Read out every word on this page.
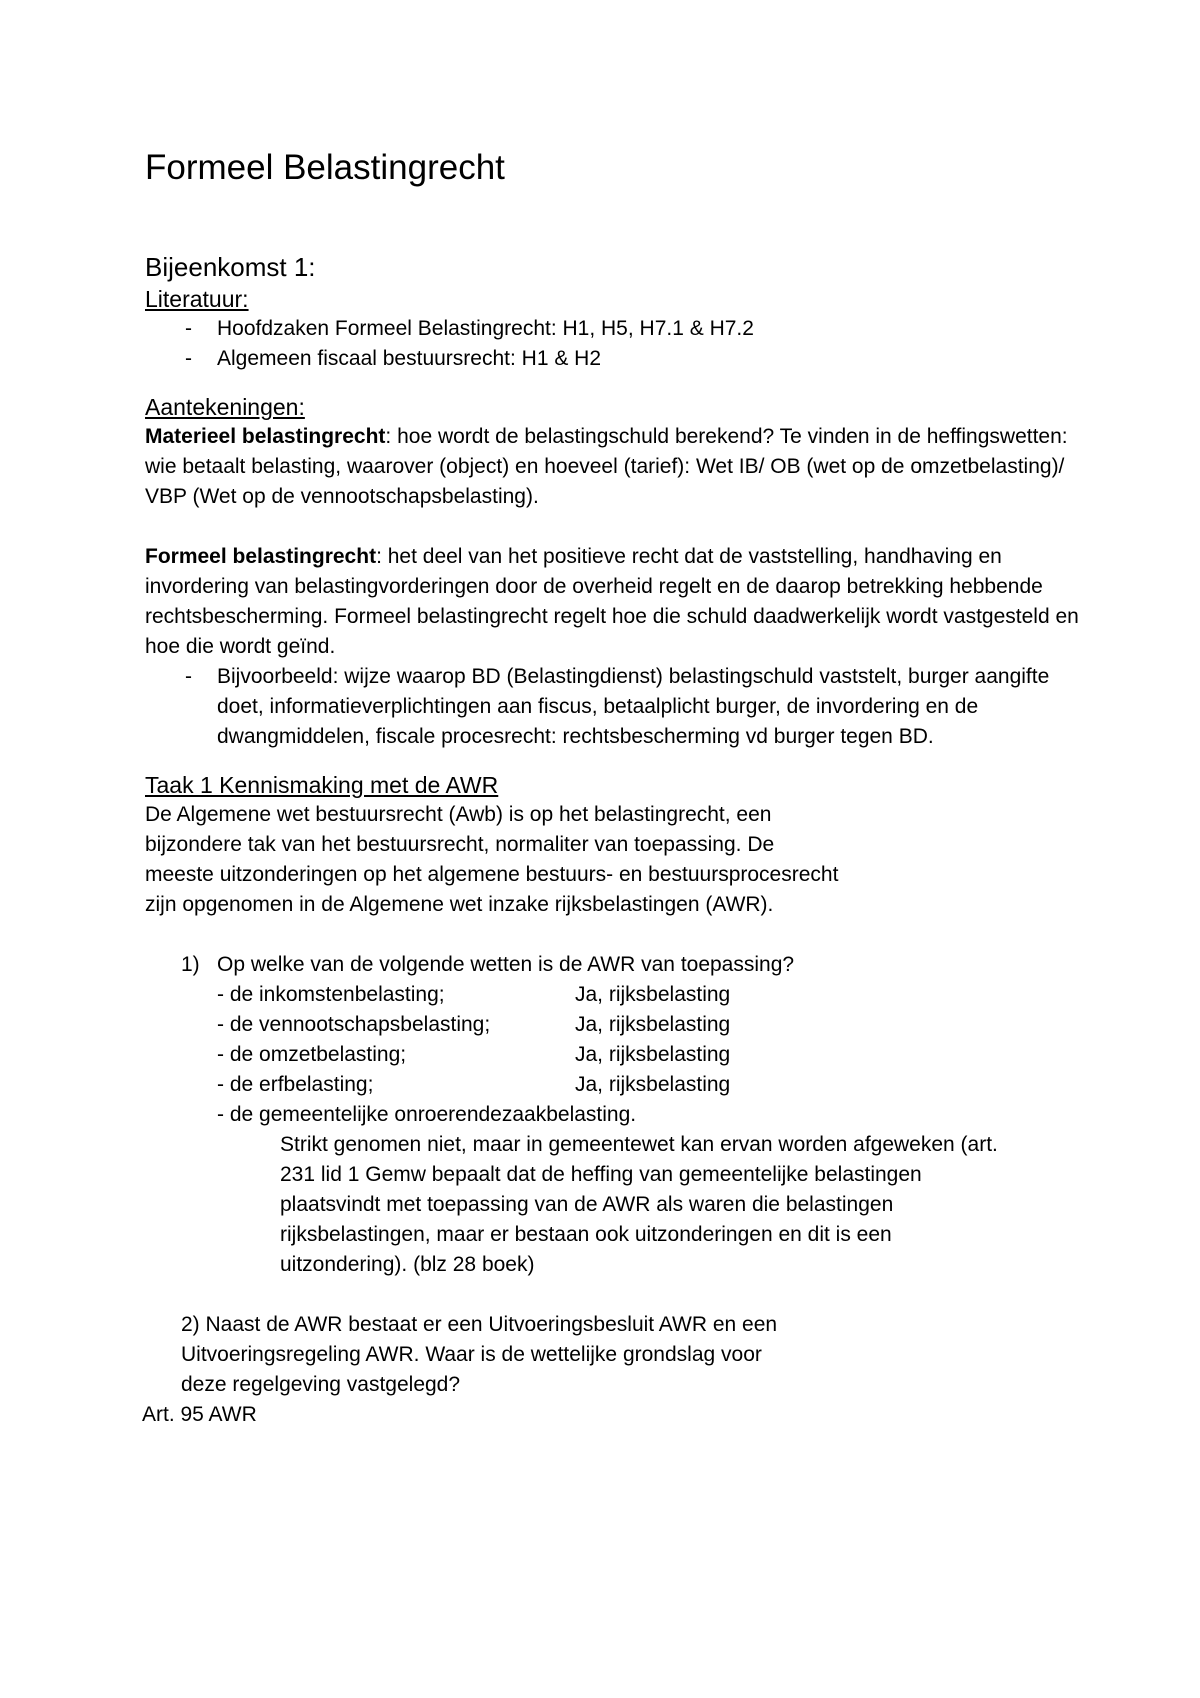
Formeel Belastingrecht
Bijeenkomst 1:
Literatuur:
- Hoofdzaken Formeel Belastingrecht: H1, H5, H7.1 & H7.2
- Algemeen fiscaal bestuursrecht: H1 & H2
Aantekeningen:

Materieel belastingrecht: hoe wordt de belastingschuld berekend? Te vinden in de heffingswetten: wie betaalt belasting, waarover (object) en hoeveel (tarief): Wet IB/ OB (wet op de omzetbelasting)/ VBP (Wet op de vennootschapsbelasting).

Formeel belastingrecht: het deel van het positieve recht dat de vaststelling, handhaving en invordering van belastingvorderingen door de overheid regelt en de daarop betrekking hebbende rechtsbescherming. Formeel belastingrecht regelt hoe die schuld daadwerkelijk wordt vastgesteld en hoe die wordt geïnd.

- Bijvoorbeeld: wijze waarop BD (Belastingdienst) belastingschuld vaststelt, burger aangifte doet, informatieverplichtingen aan fiscus, betaalplicht burger, de invordering en de dwangmiddelen, fiscale procesrecht: rechtsbescherming vd burger tegen BD.
Taak 1 Kennismaking met de AWR

De Algemene wet bestuursrecht (Awb) is op het belastingrecht, een

bijzondere tak van het bestuursrecht, normaliter van toepassing. De

meeste uitzonderingen op het algemene bestuurs- en bestuursprocesrecht

zijn opgenomen in de Algemene wet inzake rijksbelastingen (AWR).

1) Op welke van de volgende wetten is de AWR van toepassing?
- de inkomstenbelasting;	Ja, rijksbelasting
- de vennootschapsbelasting;	Ja, rijksbelasting
- de omzetbelasting;	Ja, rijksbelasting
- de erfbelasting;	Ja, rijksbelasting
- de gemeentelijke onroerendezaakbelasting.

Strikt genomen niet, maar in gemeentewet kan ervan worden afgeweken (art.

231 lid 1 Gemw bepaalt dat de heffing van gemeentelijke belastingen

plaatsvindt met toepassing van de AWR als waren die belastingen

rijksbelastingen, maar er bestaan ook uitzonderingen en dit is een

uitzondering). (blz 28 boek)

2) Naast de AWR bestaat er een Uitvoeringsbesluit AWR en een

Uitvoeringsregeling AWR. Waar is de wettelijke grondslag voor

deze regelgeving vastgelegd?

Art. 95 AWR
